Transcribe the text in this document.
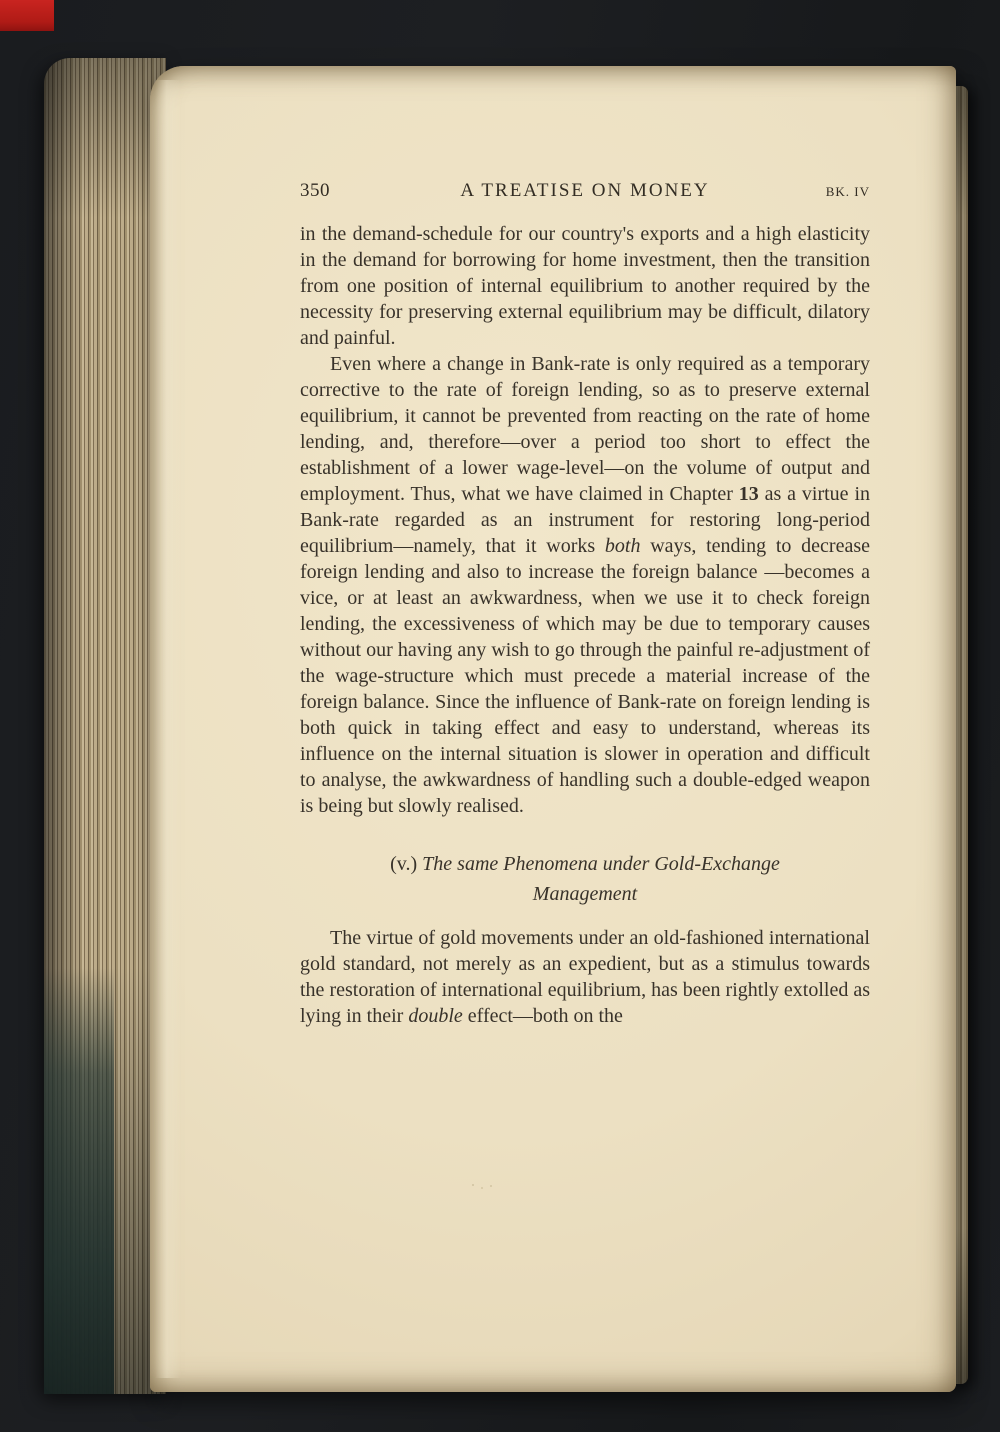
350	A TREATISE ON MONEY	BK. IV

in the demand-schedule for our country's exports and a high elasticity in the demand for borrowing for home investment, then the transition from one position of internal equilibrium to another required by the necessity for preserving external equilibrium may be difficult, dilatory and painful.

Even where a change in Bank-rate is only required as a temporary corrective to the rate of foreign lending, so as to preserve external equilibrium, it cannot be prevented from reacting on the rate of home lending, and, therefore—over a period too short to effect the establishment of a lower wage-level—on the volume of output and employment. Thus, what we have claimed in Chapter 13 as a virtue in Bank-rate regarded as an instrument for restoring long-period equilibrium—namely, that it works both ways, tending to decrease foreign lending and also to increase the foreign balance —becomes a vice, or at least an awkwardness, when we use it to check foreign lending, the excessiveness of which may be due to temporary causes without our having any wish to go through the painful re-adjustment of the wage-structure which must precede a material increase of the foreign balance. Since the influence of Bank-rate on foreign lending is both quick in taking effect and easy to understand, whereas its influence on the internal situation is slower in operation and difficult to analyse, the awkwardness of handling such a double-edged weapon is being but slowly realised.

(v.) The same Phenomena under Gold-Exchange
Management

The virtue of gold movements under an old-fashioned international gold standard, not merely as an expedient, but as a stimulus towards the restoration of international equilibrium, has been rightly extolled as lying in their double effect—both on the
